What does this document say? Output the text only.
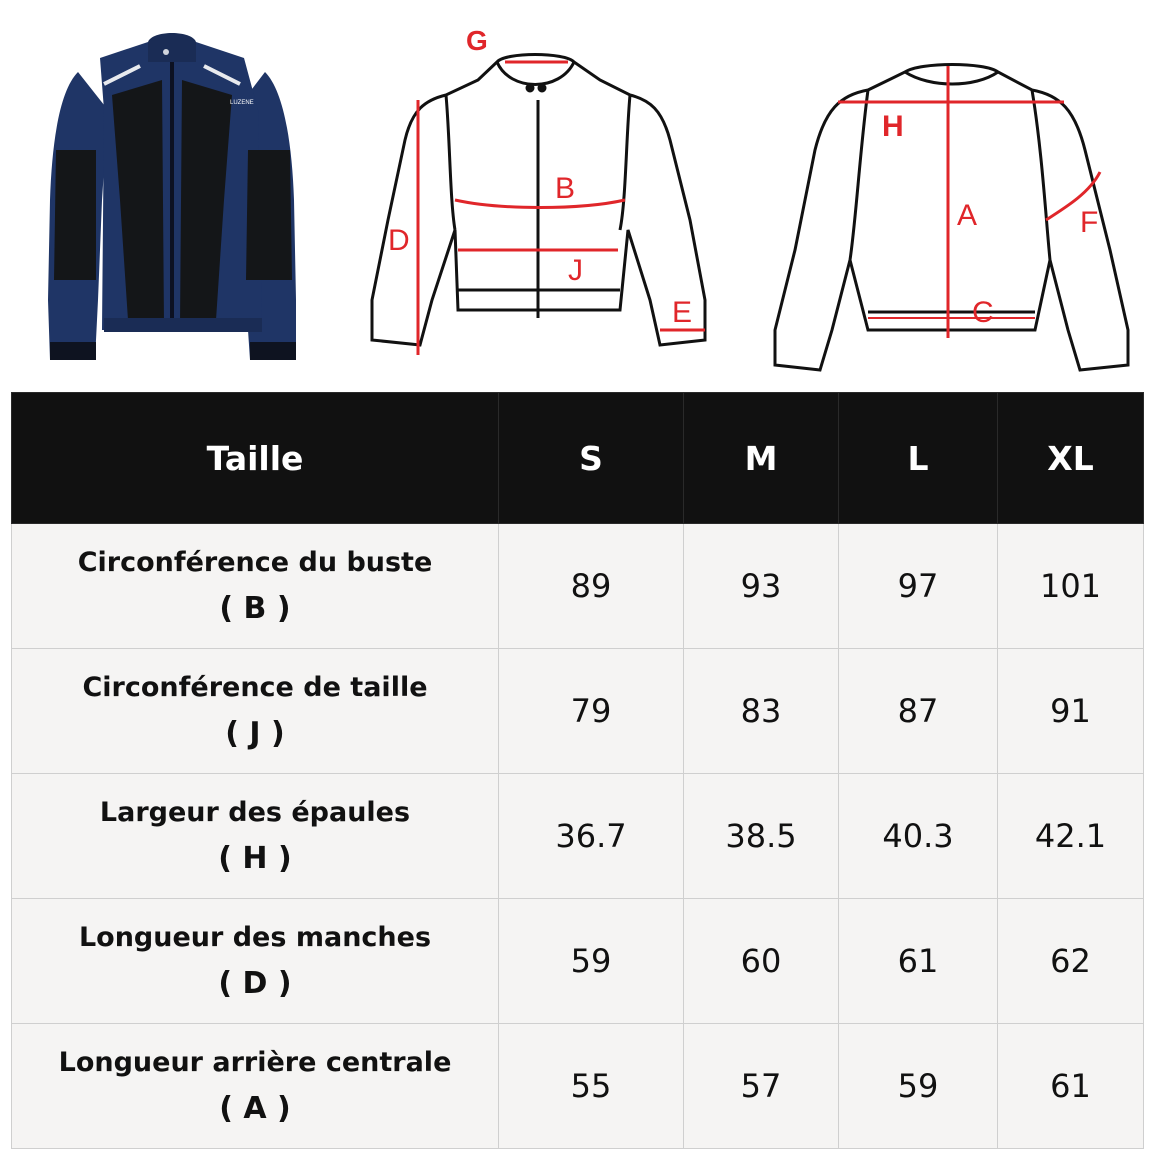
LUZENE
G
B
J
D
E
H
A	F
C
Taille	S	M	L	XL
Circonférence du buste
( B )	89	93	97	101
Circonférence de taille
( J )	79	83	87	91
Largeur des épaules
( H )	36.7	38.5	40.3	42.1
Longueur des manches
( D )	59	60	61	62
Longueur arrière centrale
( A )	55	57	59	61
